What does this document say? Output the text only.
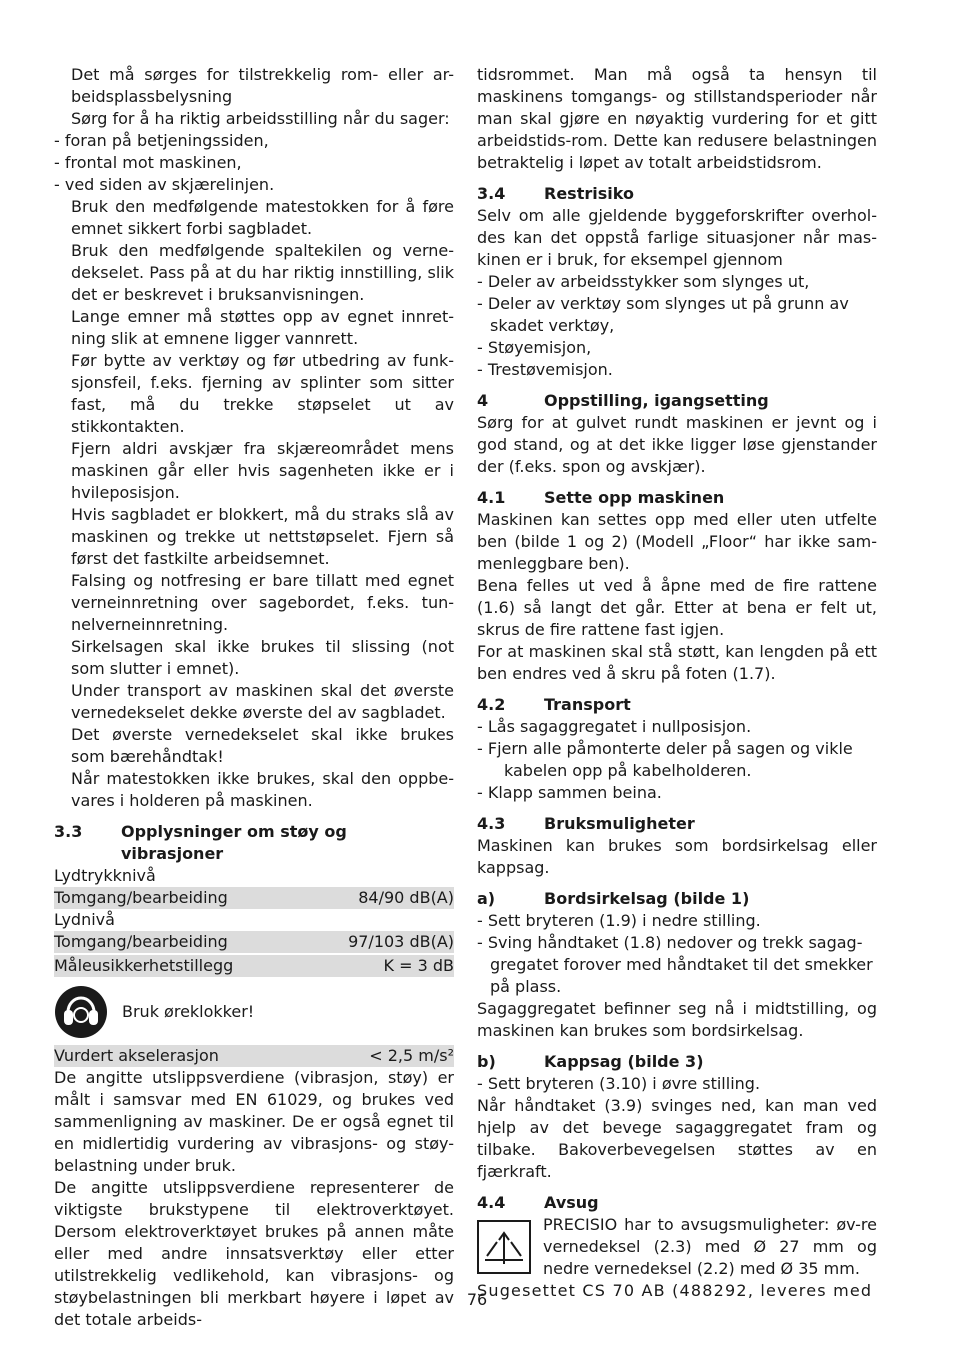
Det må sørges for tilstrekkelig rom- eller ar-beidsplassbelysning

Sørg for å ha riktig arbeidsstilling når du sager:

- foran på betjeningssiden,

- frontal mot maskinen,

- ved siden av skjærelinjen.

Bruk den medfølgende matestokken for å føre emnet sikkert forbi sagbladet.

Bruk den medfølgende spaltekilen og verne-dekselet. Pass på at du har riktig innstilling, slik det er beskrevet i bruksanvisningen.

Lange emner må støttes opp av egnet innret-ning slik at emnene ligger vannrett.

Før bytte av verktøy og før utbedring av funk-sjonsfeil, f.eks. fjerning av splinter som sitter fast, må du trekke støpselet ut av stikkontakten.

Fjern aldri avskjær fra skjæreområdet mens maskinen går eller hvis sagenheten ikke er i hvileposisjon.

Hvis sagbladet er blokkert, må du straks slå av maskinen og trekke ut nettstøpselet. Fjern så først det fastkilte arbeidsemnet.

Falsing og notfresing er bare tillatt med egnet verneinnretning over sagebordet, f.eks. tun-nelverneinnretning.

Sirkelsagen skal ikke brukes til slissing (not som slutter i emnet).

Under transport av maskinen skal det øverste vernedekselet dekke øverste del av sagbladet.

Det øverste vernedekselet skal ikke brukes som bærehåndtak!

Når matestokken ikke brukes, skal den oppbe-vares i holderen på maskinen.

3.3	Opplysninger om støy og vibrasjoner

Lydtrykknivå

Tomgang/bearbeiding	84/90 dB(A)

Lydnivå

Tomgang/bearbeiding	97/103 dB(A)
Måleusikkerhetstillegg	K = 3 dB
Bruk øreklokker!
Vurdert akselerasjon	< 2,5 m/s²

De angitte utslippsverdiene (vibrasjon, støy) er målt i samsvar med EN 61029, og brukes ved sammenligning av maskiner. De er også egnet til en midlertidig vurdering av vibrasjons- og støy-belastning under bruk.

De angitte utslippsverdiene representerer de viktigste brukstypene til elektroverktøyet. Dersom elektroverktøyet brukes på annen måte eller med andre innsatsverktøy eller etter utilstrekkelig vedlikehold, kan vibrasjons- og støybelastningen bli merkbart høyere i løpet av det totale arbeids-

tidsrommet. Man må også ta hensyn til maskinens tomgangs- og stillstandsperioder når man skal gjøre en nøyaktig vurdering for et gitt arbeidstids-rom. Dette kan redusere belastningen betraktelig i løpet av totalt arbeidstidsrom.

3.4	Restrisiko

Selv om alle gjeldende byggeforskrifter overhol-des kan det oppstå farlige situasjoner når mas-kinen er i bruk, for eksempel gjennom

- Deler av arbeidsstykker som slynges ut,

- Deler av verktøy som slynges ut på grunn av skadet verktøy,

- Støyemisjon,

- Trestøvemisjon.

4	Oppstilling, igangsetting

Sørg for at gulvet rundt maskinen er jevnt og i god stand, og at det ikke ligger løse gjenstander der (f.eks. spon og avskjær).

4.1	Sette opp maskinen

Maskinen kan settes opp med eller uten utfelte ben (bilde 1 og 2) (Modell „Floor“ har ikke sam-menleggbare ben).

Bena felles ut ved å åpne med de fire rattene (1.6) så langt det går. Etter at bena er felt ut, skrus de fire rattene fast igjen.

For at maskinen skal stå støtt, kan lengden på ett ben endres ved å skru på foten (1.7).

4.2	Transport

- Lås sagaggregatet i nullposisjon.

- Fjern alle påmonterte deler på sagen og vikle kabelen opp på kabelholderen.

- Klapp sammen beina.

4.3	Bruksmuligheter

Maskinen kan brukes som bordsirkelsag eller kappsag.

a)	Bordsirkelsag (bilde 1)

- Sett bryteren (1.9) i nedre stilling.

- Sving håndtaket (1.8) nedover og trekk sagag-gregatet forover med håndtaket til det smekker på plass.

Sagaggregatet befinner seg nå i midtstilling, og maskinen kan brukes som bordsirkelsag.

b)	Kappsag (bilde 3)

- Sett bryteren (3.10) i øvre stilling.

Når håndtaket (3.9) svinges ned, kan man ved hjelp av det bevege sagaggregatet fram og tilbake. Bakoverbevegelsen støttes av en fjærkraft.

4.4	Avsug

PRECISIO har to avsugsmuligheter: øv-re vernedeksel (2.3) med Ø 27 mm og nedre vernedeksel (2.2) med Ø 35 mm.

Sugesettet CS 70 AB (488292, leveres med

76
